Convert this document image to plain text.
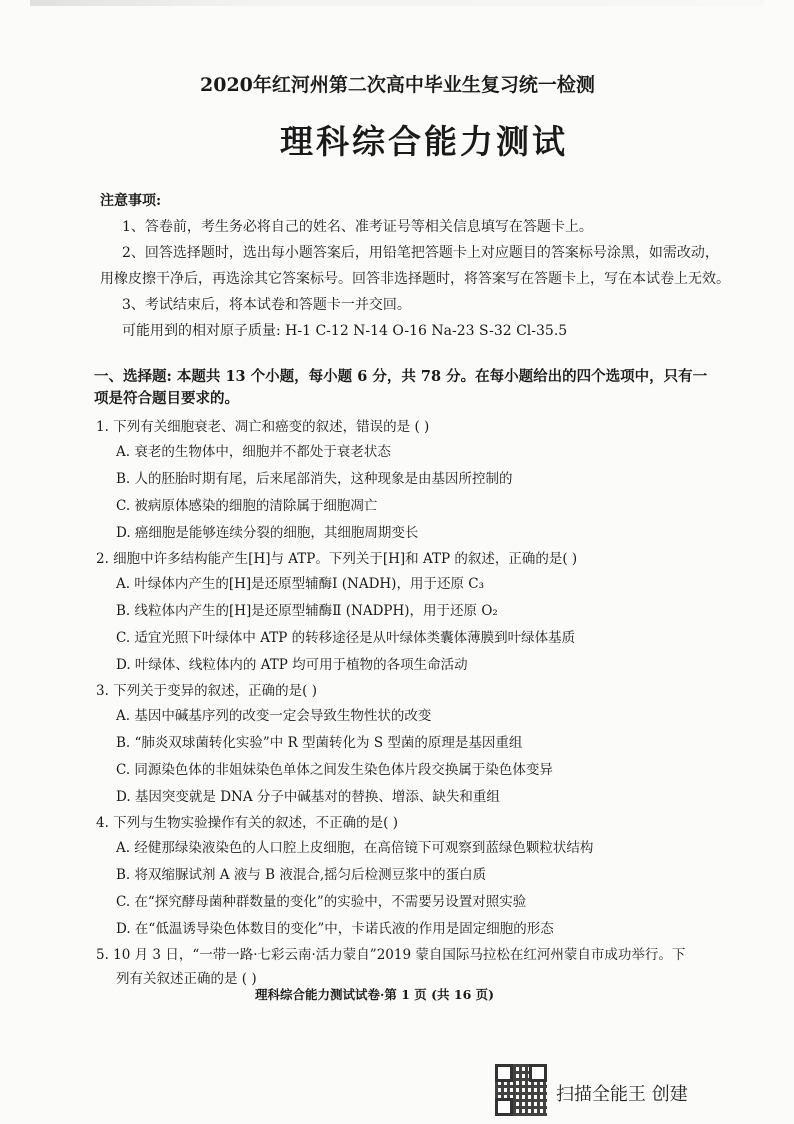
2020年红河州第二次高中毕业生复习统一检测
理科综合能力测试
注意事项:
1、答卷前，考生务必将自己的姓名、准考证号等相关信息填写在答题卡上。
2、回答选择题时，选出每小题答案后，用铅笔把答题卡上对应题目的答案标号涂黑，如需改动，
用橡皮擦干净后，再选涂其它答案标号。回答非选择题时，将答案写在答题卡上，写在本试卷上无效。
3、考试结束后，将本试卷和答题卡一并交回。
可能用到的相对原子质量: H-1 C-12 N-14 O-16 Na-23 S-32 Cl-35.5
一、选择题: 本题共 13 个小题，每小题 6 分，共 78 分。在每小题给出的四个选项中，只有一
项是符合题目要求的。
1. 下列有关细胞衰老、凋亡和癌变的叙述，错误的是 ( )
A. 衰老的生物体中，细胞并不都处于衰老状态
B. 人的胚胎时期有尾，后来尾部消失，这种现象是由基因所控制的
C. 被病原体感染的细胞的清除属于细胞凋亡
D. 癌细胞是能够连续分裂的细胞，其细胞周期变长
2. 细胞中许多结构能产生[H]与 ATP。下列关于[H]和 ATP 的叙述，正确的是( )
A. 叶绿体内产生的[H]是还原型辅酶Ⅰ (NADH)，用于还原 C₃
B. 线粒体内产生的[H]是还原型辅酶Ⅱ (NADPH)，用于还原 O₂
C. 适宜光照下叶绿体中 ATP 的转移途径是从叶绿体类囊体薄膜到叶绿体基质
D. 叶绿体、线粒体内的 ATP 均可用于植物的各项生命活动
3. 下列关于变异的叙述，正确的是( )
A. 基因中碱基序列的改变一定会导致生物性状的改变
B. “肺炎双球菌转化实验”中 R 型菌转化为 S 型菌的原理是基因重组
C. 同源染色体的非姐妹染色单体之间发生染色体片段交换属于染色体变异
D. 基因突变就是 DNA 分子中碱基对的替换、增添、缺失和重组
4. 下列与生物实验操作有关的叙述，不正确的是( )
A. 经健那绿染液染色的人口腔上皮细胞，在高倍镜下可观察到蓝绿色颗粒状结构
B. 将双缩脲试剂 A 液与 B 液混合,摇匀后检测豆浆中的蛋白质
C. 在“探究酵母菌种群数量的变化”的实验中，不需要另设置对照实验
D. 在“低温诱导染色体数目的变化”中，卡诺氏液的作用是固定细胞的形态
5. 10 月 3 日，“一带一路·七彩云南·活力蒙自”2019 蒙自国际马拉松在红河州蒙自市成功举行。下
列有关叙述正确的是 ( )
理科综合能力测试试卷·第 1 页 (共 16 页)
扫描全能王 创建
